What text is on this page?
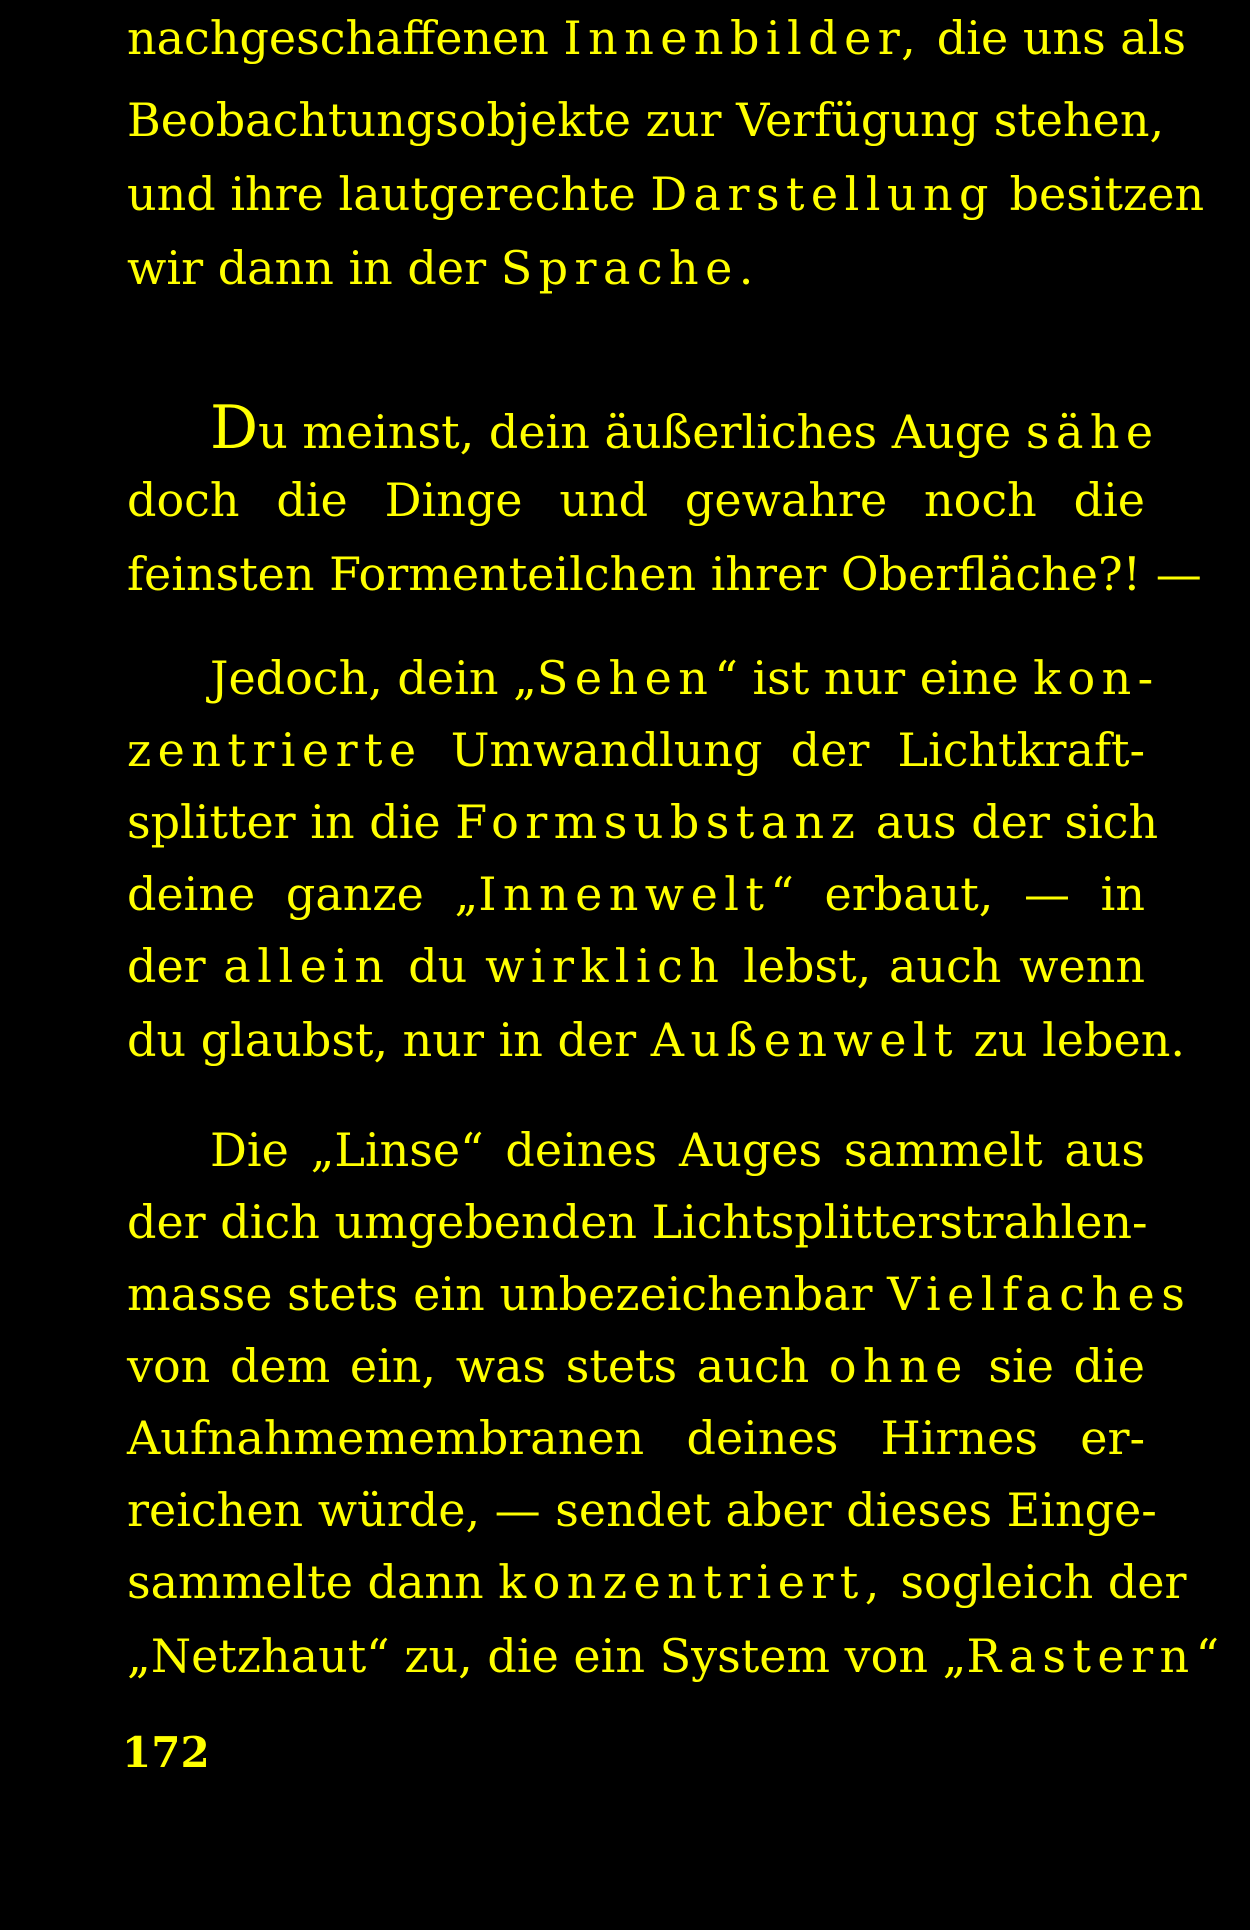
nachgeschaffenen Innenbilder, die uns als
Beobachtungsobjekte zur Verfügung stehen,
und ihre lautgerechte Darstellung besitzen
wir dann in der Sprache.
Du meinst, dein äußerliches Auge sähe
doch die Dinge und gewahre noch die
feinsten Formenteilchen ihrer Oberfläche?! —
Jedoch, dein „Sehen“ ist nur eine kon-
zentrierte Umwandlung der Lichtkraft-
splitter in die Formsubstanz aus der sich
deine ganze „Innenwelt“ erbaut, — in
der allein du wirklich lebst, auch wenn
du glaubst, nur in der Außenwelt zu leben.
Die „Linse“ deines Auges sammelt aus
der dich umgebenden Lichtsplitterstrahlen-
masse stets ein unbezeichenbar Vielfaches
von dem ein, was stets auch ohne sie die
Aufnahmemembranen deines Hirnes er-
reichen würde, — sendet aber dieses Einge-
sammelte dann konzentriert, sogleich der
„Netzhaut“ zu, die ein System von „Rastern“
172
